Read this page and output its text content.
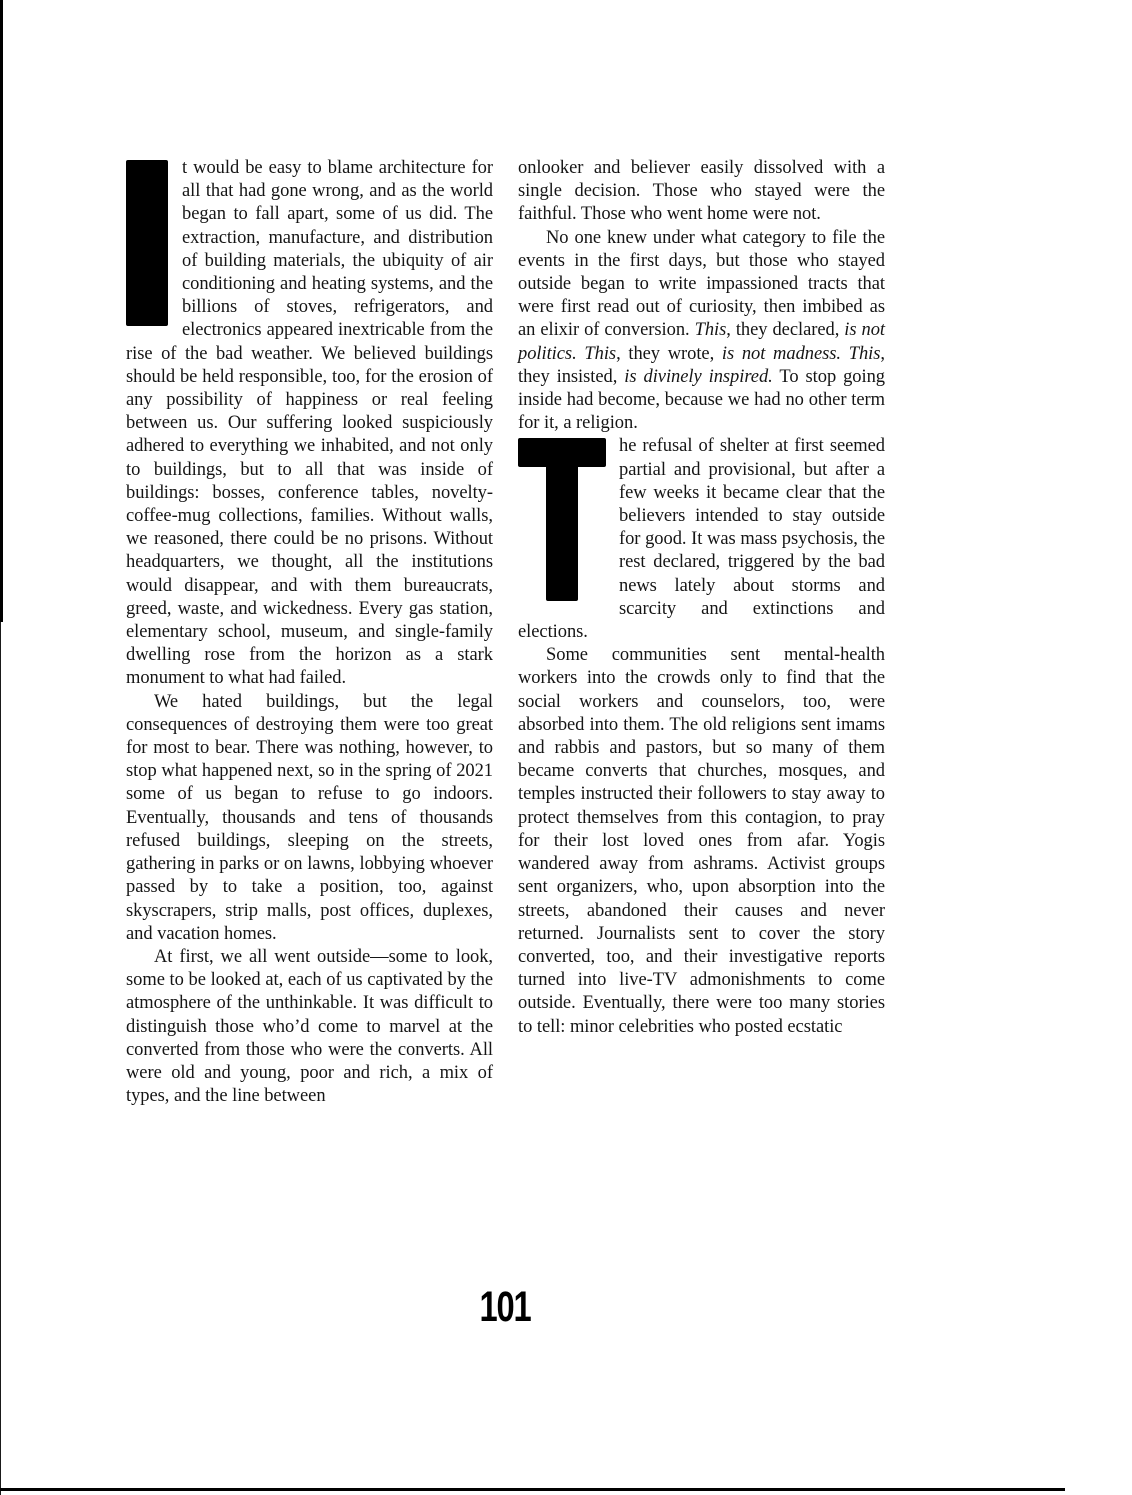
t would be easy to blame architecture for all that had gone wrong, and as the world began to fall apart, some of us did. The extraction, manufacture, and distribution of building materials, the ubiquity of air conditioning and heating systems, and the billions of stoves, refrigerators, and electronics appeared inextricable from the rise of the bad weather. We believed buildings should be held responsible, too, for the erosion of any possibility of happiness or real feeling between us. Our suffering looked suspiciously adhered to everything we inhabited, and not only to buildings, but to all that was inside of buildings: bosses, conference tables, novelty-coffee-mug collections, families. Without walls, we reasoned, there could be no prisons. Without headquarters, we thought, all the institutions would disappear, and with them bureaucrats, greed, waste, and wickedness. Every gas station, elementary school, museum, and single-family dwelling rose from the horizon as a stark monument to what had failed.

We hated buildings, but the legal consequences of destroying them were too great for most to bear. There was nothing, however, to stop what happened next, so in the spring of 2021 some of us began to refuse to go indoors. Eventually, thousands and tens of thousands refused buildings, sleeping on the streets, gathering in parks or on lawns, lobbying whoever passed by to take a position, too, against skyscrapers, strip malls, post offices, duplexes, and vacation homes.

At first, we all went outside—some to look, some to be looked at, each of us captivated by the atmosphere of the unthinkable. It was difficult to distinguish those who’d come to marvel at the converted from those who were the converts. All were old and young, poor and rich, a mix of types, and the line between

onlooker and believer easily dissolved with a single decision. Those who stayed were the faithful. Those who went home were not.

No one knew under what category to file the events in the first days, but those who stayed outside began to write impassioned tracts that were first read out of curiosity, then imbibed as an elixir of conversion. This, they declared, is not politics. This, they wrote, is not madness. This, they insisted, is divinely inspired. To stop going inside had become, because we had no other term for it, a religion.

he refusal of shelter at first seemed partial and provisional, but after a few weeks it became clear that the believers intended to stay outside for good. It was mass psychosis, the rest declared, triggered by the bad news lately about storms and scarcity and extinctions and elections.

Some communities sent mental-health workers into the crowds only to find that the social workers and counselors, too, were absorbed into them. The old religions sent imams and rabbis and pastors, but so many of them became converts that churches, mosques, and temples instructed their followers to stay away to protect themselves from this contagion, to pray for their lost loved ones from afar. Yogis wandered away from ashrams. Activist groups sent organizers, who, upon absorption into the streets, abandoned their causes and never returned. Journalists sent to cover the story converted, too, and their investigative reports turned into live-TV admonishments to come outside. Eventually, there were too many stories to tell: minor celebrities who posted ecstatic

101
